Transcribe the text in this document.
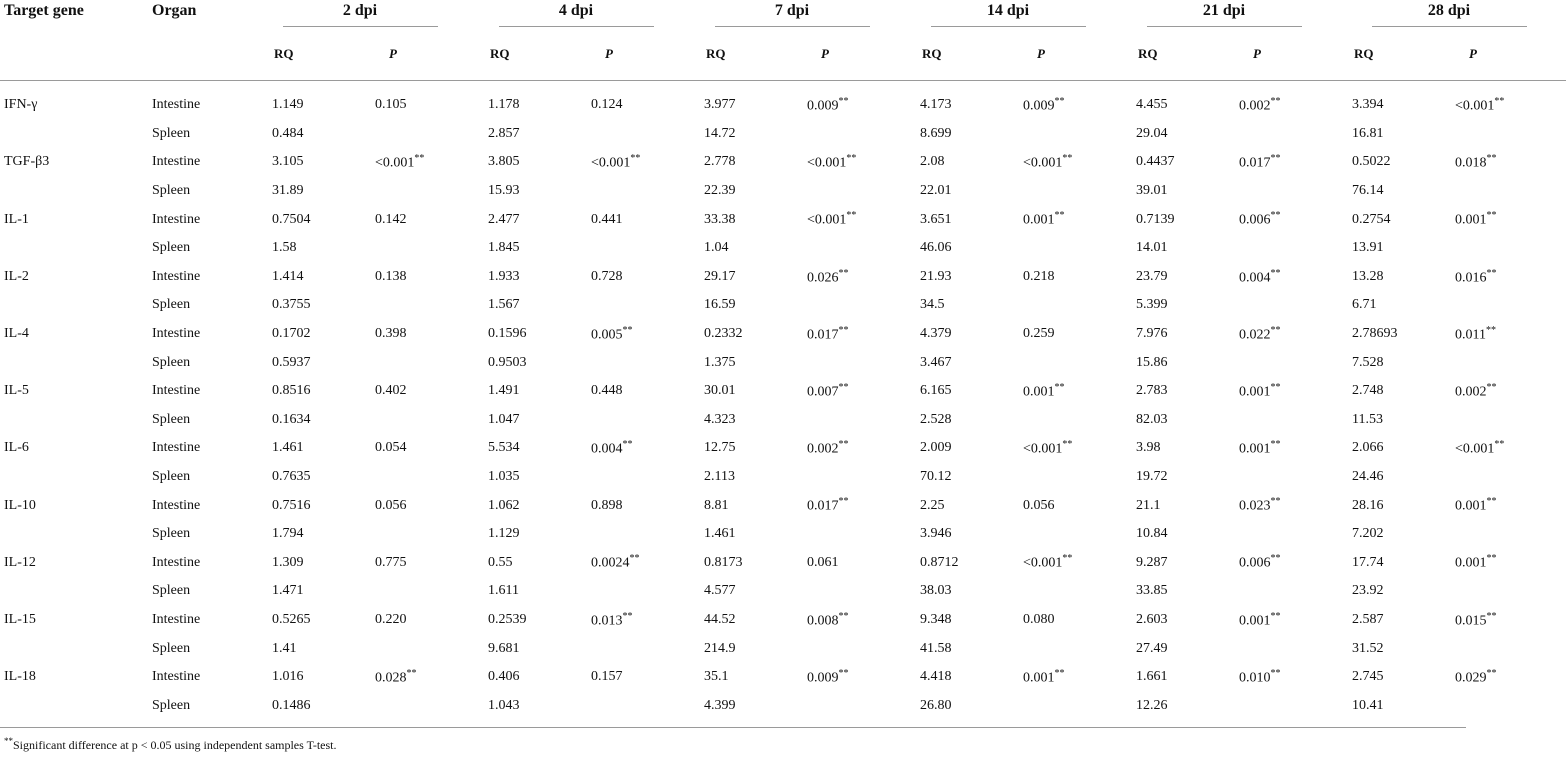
Target gene	Organ	2 dpi		4 dpi		7 dpi		14 dpi		21 dpi		28 dpi	
		RQ	P	RQ	P	RQ	P	RQ	P	RQ	P	RQ	P

IFN-γ	Intestine	1.149	0.105	1.178	0.124	3.977	0.009**	4.173	0.009**	4.455	0.002**	3.394	<0.001**
	Spleen	0.484		2.857		14.72		8.699		29.04		16.81	
TGF-β3	Intestine	3.105	<0.001**	3.805	<0.001**	2.778	<0.001**	2.08	<0.001**	0.4437	0.017**	0.5022	0.018**
	Spleen	31.89		15.93		22.39		22.01		39.01		76.14	
IL-1	Intestine	0.7504	0.142	2.477	0.441	33.38	<0.001**	3.651	0.001**	0.7139	0.006**	0.2754	0.001**
	Spleen	1.58		1.845		1.04		46.06		14.01		13.91	
IL-2	Intestine	1.414	0.138	1.933	0.728	29.17	0.026**	21.93	0.218	23.79	0.004**	13.28	0.016**
	Spleen	0.3755		1.567		16.59		34.5		5.399		6.71	
IL-4	Intestine	0.1702	0.398	0.1596	0.005**	0.2332	0.017**	4.379	0.259	7.976	0.022**	2.78693	0.011**
	Spleen	0.5937		0.9503		1.375		3.467		15.86		7.528	
IL-5	Intestine	0.8516	0.402	1.491	0.448	30.01	0.007**	6.165	0.001**	2.783	0.001**	2.748	0.002**
	Spleen	0.1634		1.047		4.323		2.528		82.03		11.53	
IL-6	Intestine	1.461	0.054	5.534	0.004**	12.75	0.002**	2.009	<0.001**	3.98	0.001**	2.066	<0.001**
	Spleen	0.7635		1.035		2.113		70.12		19.72		24.46	
IL-10	Intestine	0.7516	0.056	1.062	0.898	8.81	0.017**	2.25	0.056	21.1	0.023**	28.16	0.001**
	Spleen	1.794		1.129		1.461		3.946		10.84		7.202	
IL-12	Intestine	1.309	0.775	0.55	0.0024**	0.8173	0.061	0.8712	<0.001**	9.287	0.006**	17.74	0.001**
	Spleen	1.471		1.611		4.577		38.03		33.85		23.92	
IL-15	Intestine	0.5265	0.220	0.2539	0.013**	44.52	0.008**	9.348	0.080	2.603	0.001**	2.587	0.015**
	Spleen	1.41		9.681		214.9		41.58		27.49		31.52	
IL-18	Intestine	1.016	0.028**	0.406	0.157	35.1	0.009**	4.418	0.001**	1.661	0.010**	2.745	0.029**
	Spleen	0.1486		1.043		4.399		26.80		12.26		10.41	
**Significant difference at p < 0.05 using independent samples T-test.
